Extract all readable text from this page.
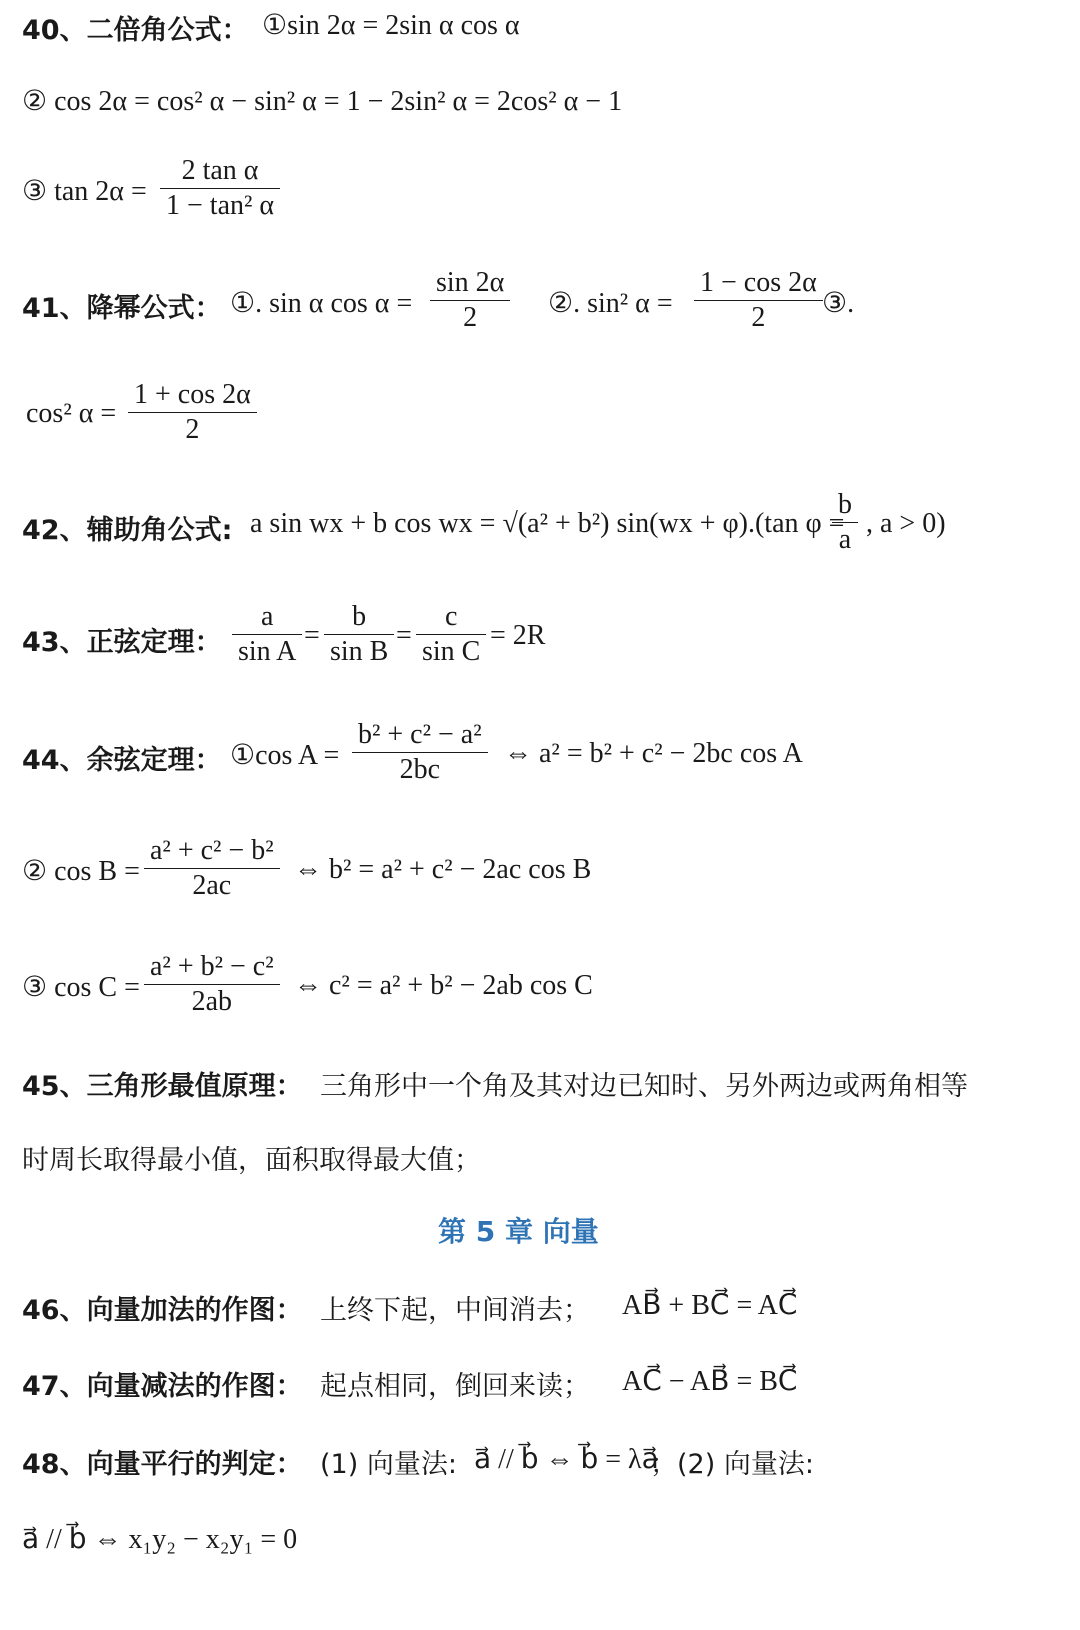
40、二倍角公式： ①sin 2α = 2sin α cos α
② cos 2α = cos² α − sin² α = 1 − 2sin² α = 2cos² α − 1
③ tan 2α =
2 tan α
1 − tan² α
41、降幂公式： ①. sin α cos α =
sin 2α
2	②. sin² α =
1 − cos 2α
2 ③.
cos² α =
1 + cos 2α
2
42、辅助角公式: a sin wx + b cos wx = √(a² + b²) sin(wx + φ).(tan φ =
b
a
, a > 0)
43、正弦定理：
a
sin A
=
b
sin B
=
c
sin C
= 2R
44、余弦定理： ①cos A =
b² + c² − a²
2bc
⇔ a² = b² + c² − 2bc cos A
② cos B =
a² + c² − b²
2ac
⇔ b² = a² + c² − 2ac cos B
③ cos C =
a² + b² − c²
2ab
⇔ c² = a² + b² − 2ab cos C
45、三角形最值原理： 三角形中一个角及其对边已知时、另外两边或两角相等
时周长取得最小值，面积取得最大值；
第 5 章 向量
46、向量加法的作图： 上终下起，中间消去； AB⃗ + BC⃗ = AC⃗
47、向量减法的作图： 起点相同，倒回来读； AC⃗ − AB⃗ = BC⃗
48、向量平行的判定： (1) 向量法: a⃗ // b⃗ ⇔ b⃗ = λa⃗
；(2) 向量法:
a⃗ // b⃗ ⇔ x₁y₂ − x₂y₁ = 0
